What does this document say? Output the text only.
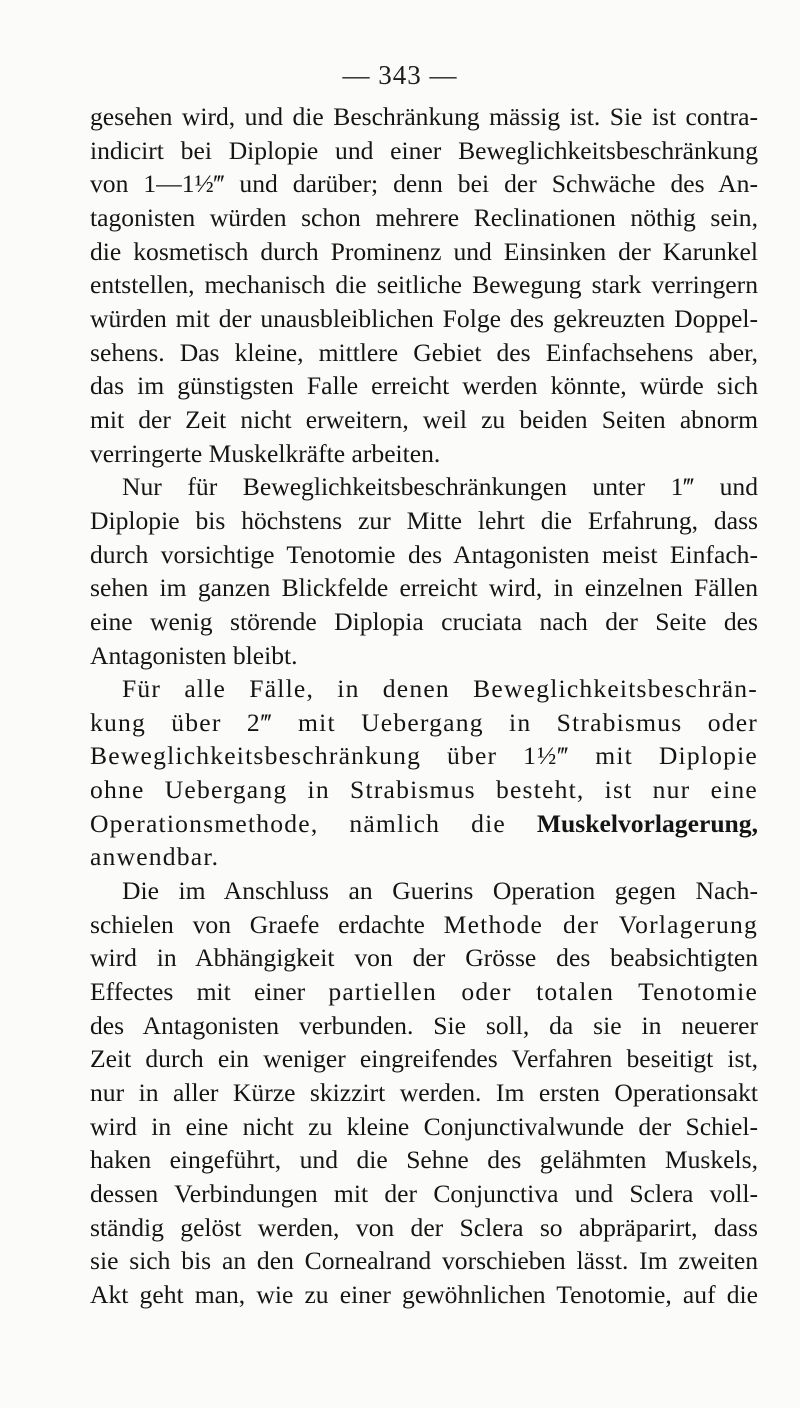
— 343 —
gesehen wird, und die Beschränkung mässig ist. Sie ist contra-
indicirt bei Diplopie und einer Beweglichkeitsbeschränkung
von 1—1½‴ und darüber; denn bei der Schwäche des An-
tagonisten würden schon mehrere Reclinationen nöthig sein,
die kosmetisch durch Prominenz und Einsinken der Karunkel
entstellen, mechanisch die seitliche Bewegung stark verringern
würden mit der unausbleiblichen Folge des gekreuzten Doppel-
sehens. Das kleine, mittlere Gebiet des Einfachsehens aber,
das im günstigsten Falle erreicht werden könnte, würde sich
mit der Zeit nicht erweitern, weil zu beiden Seiten abnorm
verringerte Muskelkräfte arbeiten.
Nur für Beweglichkeitsbeschränkungen unter 1‴ und
Diplopie bis höchstens zur Mitte lehrt die Erfahrung, dass
durch vorsichtige Tenotomie des Antagonisten meist Einfach-
sehen im ganzen Blickfelde erreicht wird, in einzelnen Fällen
eine wenig störende Diplopia cruciata nach der Seite des
Antagonisten bleibt.
Für alle Fälle, in denen Beweglichkeitsbeschrän-
kung über 2‴ mit Uebergang in Strabismus oder
Beweglichkeitsbeschränkung über 1½‴ mit Diplopie
ohne Uebergang in Strabismus besteht, ist nur eine
Operationsmethode, nämlich die Muskelvorlagerung,
anwendbar.
Die im Anschluss an Guerins Operation gegen Nach-
schielen von Graefe erdachte Methode der Vorlagerung
wird in Abhängigkeit von der Grösse des beabsichtigten
Effectes mit einer partiellen oder totalen Tenotomie
des Antagonisten verbunden. Sie soll, da sie in neuerer
Zeit durch ein weniger eingreifendes Verfahren beseitigt ist,
nur in aller Kürze skizzirt werden. Im ersten Operationsakt
wird in eine nicht zu kleine Conjunctivalwunde der Schiel-
haken eingeführt, und die Sehne des gelähmten Muskels,
dessen Verbindungen mit der Conjunctiva und Sclera voll-
ständig gelöst werden, von der Sclera so abpräparirt, dass
sie sich bis an den Cornealrand vorschieben lässt. Im zweiten
Akt geht man, wie zu einer gewöhnlichen Tenotomie, auf die
